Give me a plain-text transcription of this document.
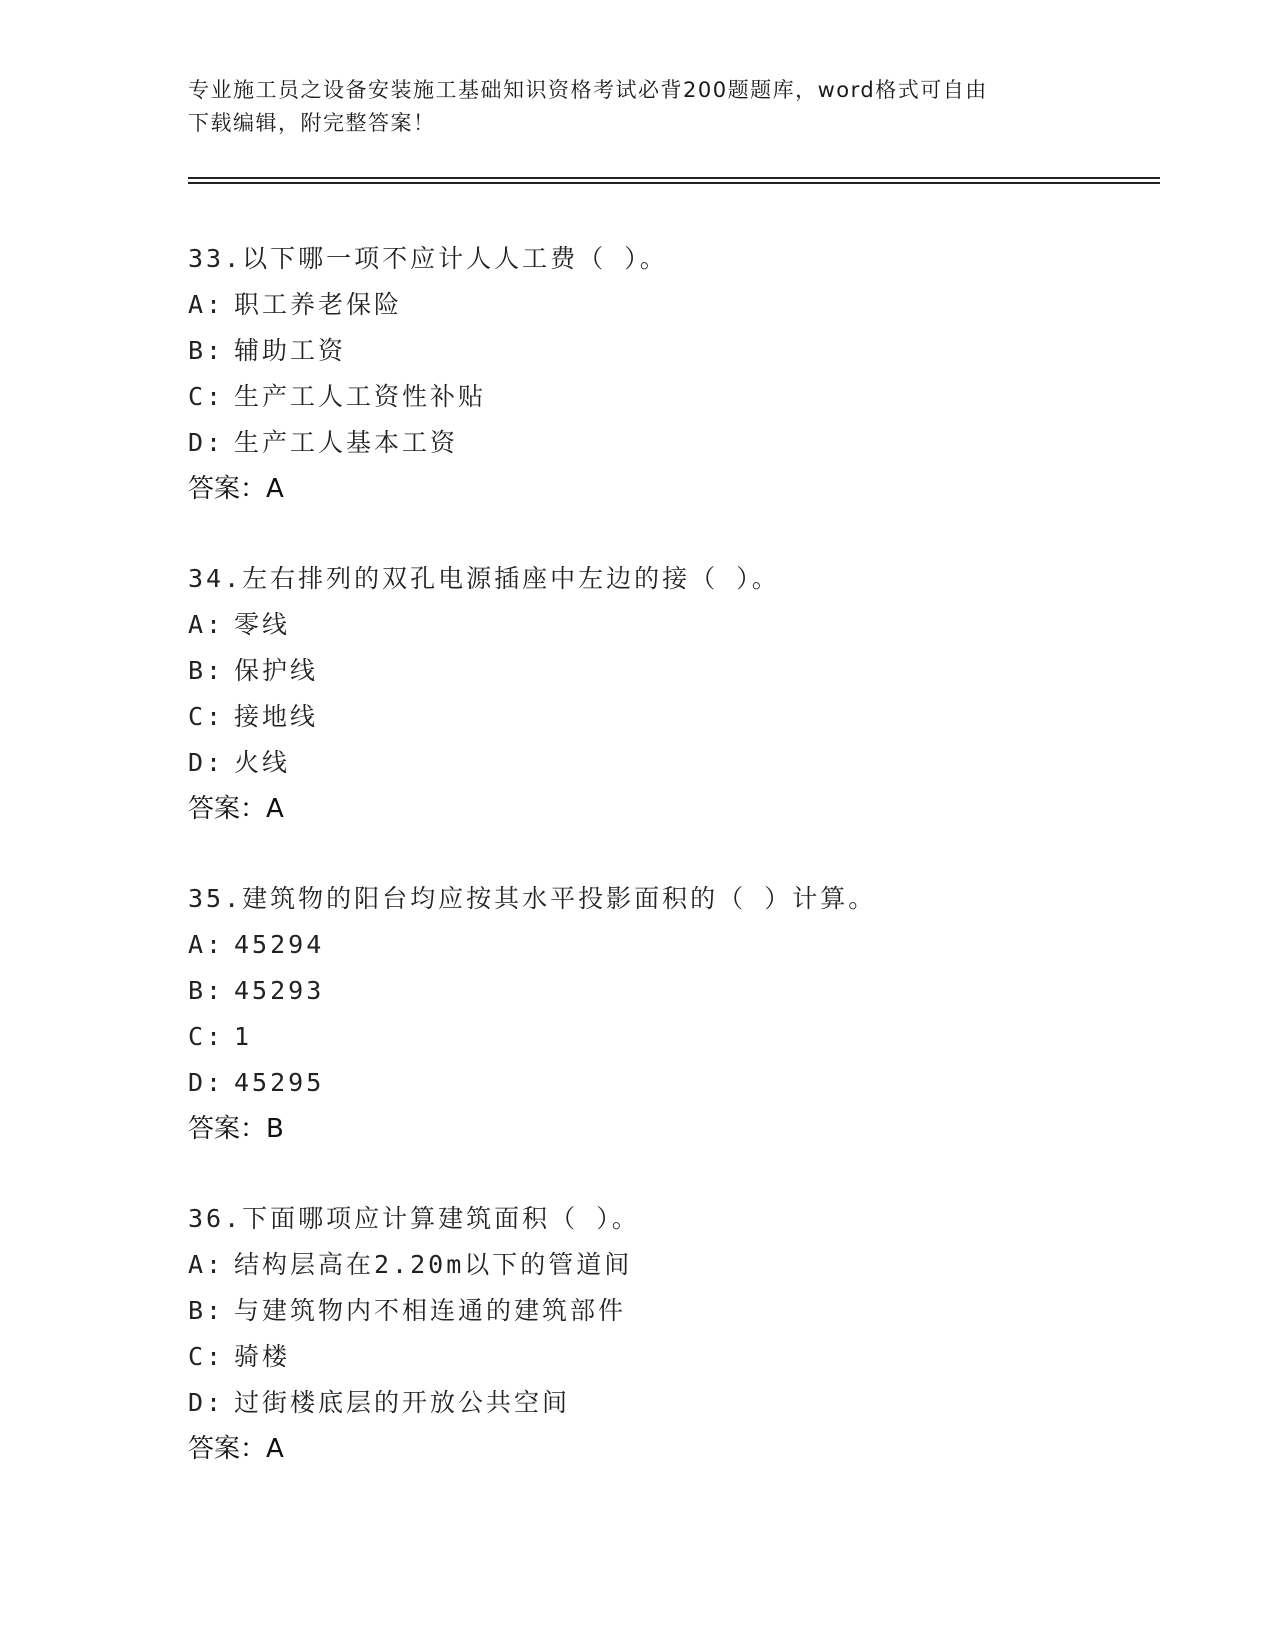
专业施工员之设备安装施工基础知识资格考试必背200题题库，word格式可自由
下载编辑，附完整答案！
33.以下哪一项不应计人人工费（ ）。
A: 职工养老保险
B: 辅助工资
C: 生产工人工资性补贴
D: 生产工人基本工资
答案：A
34.左右排列的双孔电源插座中左边的接（ ）。
A: 零线
B: 保护线
C: 接地线
D: 火线
答案：A
35.建筑物的阳台均应按其水平投影面积的（ ）计算。
A: 45294
B: 45293
C: 1
D: 45295
答案：B
36.下面哪项应计算建筑面积（ ）。
A: 结构层高在2.20m以下的管道间
B: 与建筑物内不相连通的建筑部件
C: 骑楼
D: 过街楼底层的开放公共空间
答案：A
